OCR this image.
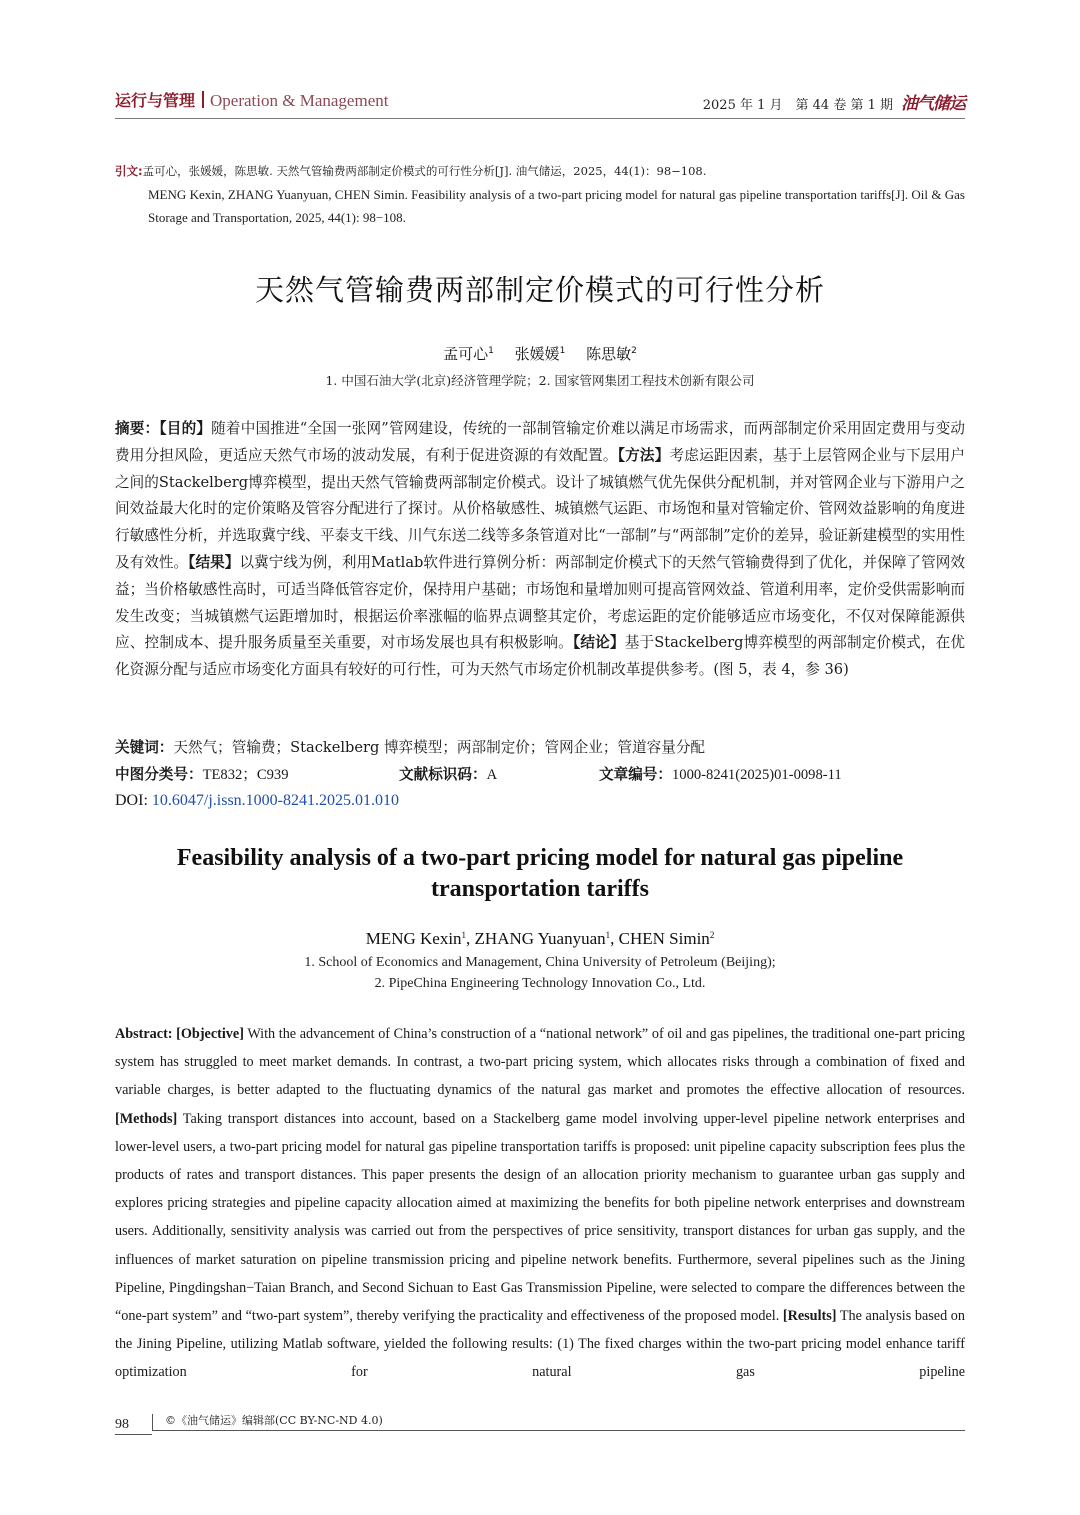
运行与管理 Operation & Management	2025 年 1 月　第 44 卷 第 1 期 油气储运
引文:孟可心，张媛媛，陈思敏. 天然气管输费两部制定价模式的可行性分析[J]. 油气储运，2025，44(1)：98−108.
MENG Kexin, ZHANG Yuanyuan, CHEN Simin. Feasibility analysis of a two-part pricing model for natural gas pipeline transportation tariffs[J]. Oil & Gas Storage and Transportation, 2025, 44(1): 98−108.
天然气管输费两部制定价模式的可行性分析
孟可心$^1$ 张媛媛$^1$ 陈思敏$^2$
1. 中国石油大学(北京)经济管理学院；2. 国家管网集团工程技术创新有限公司
摘要：【目的】随着中国推进“全国一张网”管网建设，传统的一部制管输定价难以满足市场需求，而两部制定价采用固定费用与变动费用分担风险，更适应天然气市场的波动发展，有利于促进资源的有效配置。【方法】考虑运距因素，基于上层管网企业与下层用户之间的Stackelberg博弈模型，提出天然气管输费两部制定价模式。设计了城镇燃气优先保供分配机制，并对管网企业与下游用户之间效益最大化时的定价策略及管容分配进行了探讨。从价格敏感性、城镇燃气运距、市场饱和量对管输定价、管网效益影响的角度进行敏感性分析，并选取冀宁线、平泰支干线、川气东送二线等多条管道对比“一部制”与“两部制”定价的差异，验证新建模型的实用性及有效性。【结果】以冀宁线为例，利用Matlab软件进行算例分析：两部制定价模式下的天然气管输费得到了优化，并保障了管网效益；当价格敏感性高时，可适当降低管容定价，保持用户基础；市场饱和量增加则可提高管网效益、管道利用率，定价受供需影响而发生改变；当城镇燃气运距增加时，根据运价率涨幅的临界点调整其定价，考虑运距的定价能够适应市场变化，不仅对保障能源供应、控制成本、提升服务质量至关重要，对市场发展也具有积极影响。【结论】基于Stackelberg博弈模型的两部制定价模式，在优化资源分配与适应市场变化方面具有较好的可行性，可为天然气市场定价机制改革提供参考。(图 5，表 4，参 36)
关键词：天然气；管输费；Stackelberg 博弈模型；两部制定价；管网企业；管道容量分配
中图分类号：TE832；C939	文献标识码：A	文章编号：1000-8241(2025)01-0098-11
DOI: 10.6047/j.issn.1000-8241.2025.01.010
Feasibility analysis of a two-part pricing model for natural gas pipeline transportation tariffs
MENG Kexin$^1$, ZHANG Yuanyuan$^1$, CHEN Simin$^2$
1. School of Economics and Management, China University of Petroleum (Beijing);
2. PipeChina Engineering Technology Innovation Co., Ltd.
Abstract: [Objective] With the advancement of China’s construction of a “national network” of oil and gas pipelines, the traditional one-part pricing system has struggled to meet market demands. In contrast, a two-part pricing system, which allocates risks through a combination of fixed and variable charges, is better adapted to the fluctuating dynamics of the natural gas market and promotes the effective allocation of resources. [Methods] Taking transport distances into account, based on a Stackelberg game model involving upper-level pipeline network enterprises and lower-level users, a two-part pricing model for natural gas pipeline transportation tariffs is proposed: unit pipeline capacity subscription fees plus the products of rates and transport distances. This paper presents the design of an allocation priority mechanism to guarantee urban gas supply and explores pricing strategies and pipeline capacity allocation aimed at maximizing the benefits for both pipeline network enterprises and downstream users. Additionally, sensitivity analysis was carried out from the perspectives of price sensitivity, transport distances for urban gas supply, and the influences of market saturation on pipeline transmission pricing and pipeline network benefits. Furthermore, several pipelines such as the Jining Pipeline, Pingdingshan−Taian Branch, and Second Sichuan to East Gas Transmission Pipeline, were selected to compare the differences between the “one-part system” and “two-part system”, thereby verifying the practicality and effectiveness of the proposed model. [Results] The analysis based on the Jining Pipeline, utilizing Matlab software, yielded the following results: (1) The fixed charges within the two-part pricing model enhance tariff optimization for natural gas pipeline
98	©《油气储运》编辑部(CC BY-NC-ND 4.0)
